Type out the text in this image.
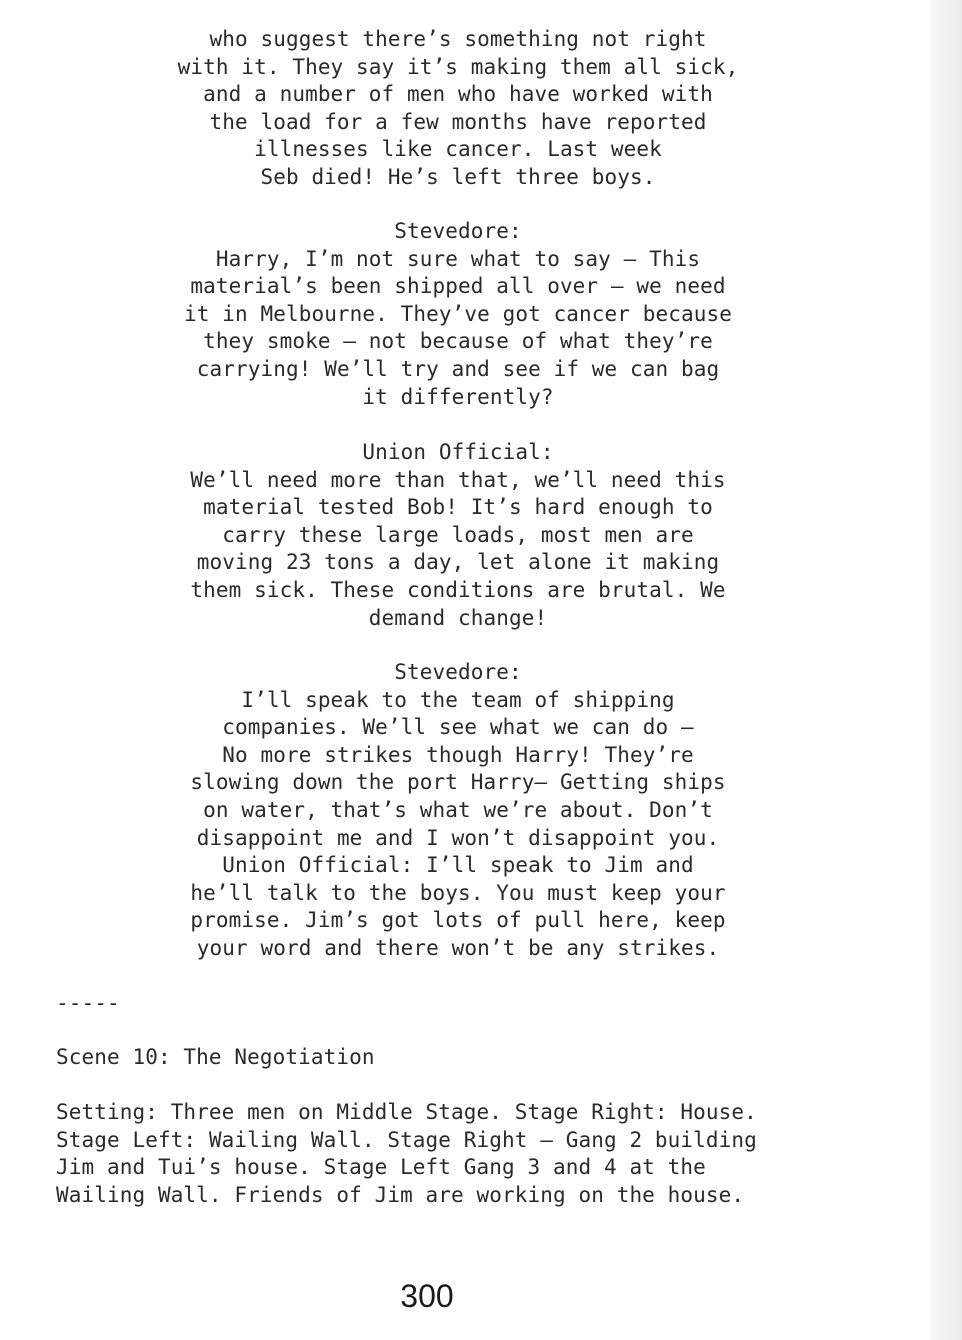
who suggest there’s something not right

with it. They say it’s making them all sick,

and a number of men who have worked with

the load for a few months have reported

illnesses like cancer. Last week

Seb died! He’s left three boys.

Stevedore:

Harry, I’m not sure what to say — This

material’s been shipped all over — we need

it in Melbourne. They’ve got cancer because

they smoke — not because of what they’re

carrying! We’ll try and see if we can bag

it differently?

Union Official:

We’ll need more than that, we’ll need this

material tested Bob! It’s hard enough to

carry these large loads, most men are

moving 23 tons a day, let alone it making

them sick. These conditions are brutal. We

demand change!

Stevedore:

I’ll speak to the team of shipping

companies. We’ll see what we can do —

No more strikes though Harry! They’re

slowing down the port Harry— Getting ships

on water, that’s what we’re about. Don’t

disappoint me and I won’t disappoint you.

Union Official: I’ll speak to Jim and

he’ll talk to the boys. You must keep your

promise. Jim’s got lots of pull here, keep

your word and there won’t be any strikes.

-----

Scene 10: The Negotiation

Setting: Three men on Middle Stage. Stage Right: House.

Stage Left: Wailing Wall. Stage Right — Gang 2 building

Jim and Tui’s house. Stage Left Gang 3 and 4 at the

Wailing Wall. Friends of Jim are working on the house.

300
